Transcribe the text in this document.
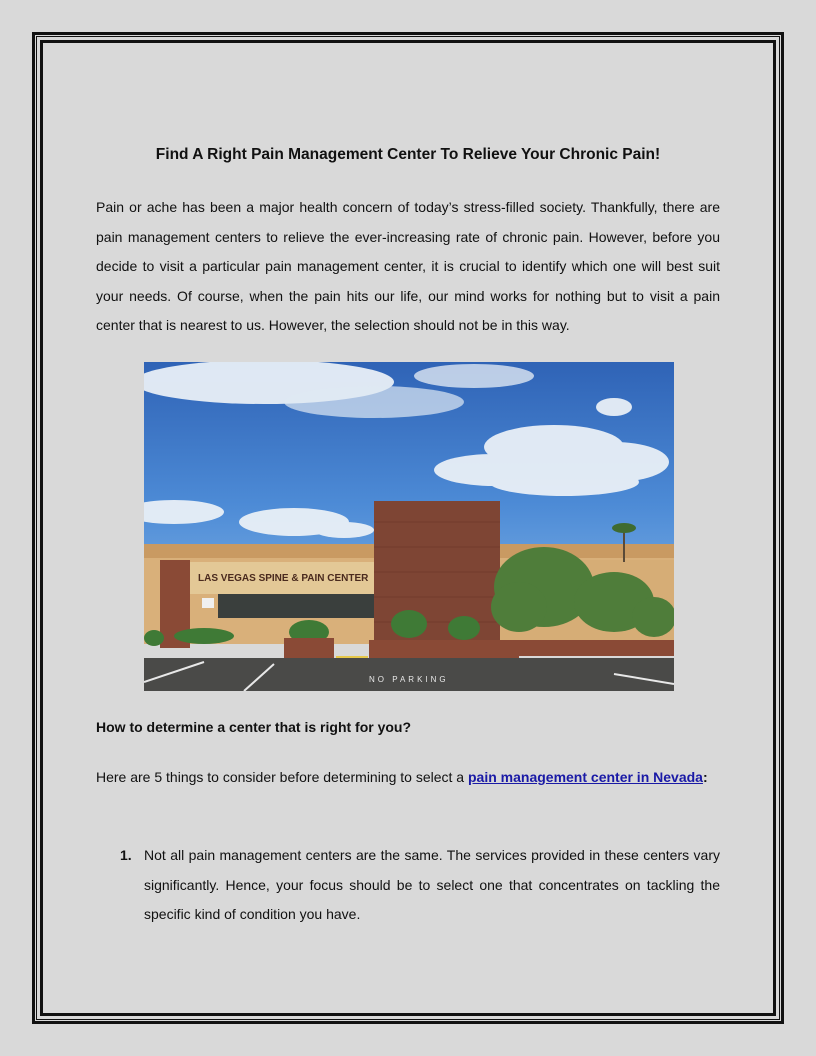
Find A Right Pain Management Center To Relieve Your Chronic Pain!

Pain or ache has been a major health concern of today’s stress-filled society. Thankfully, there are pain management centers to relieve the ever-increasing rate of chronic pain. However, before you decide to visit a particular pain management center, it is crucial to identify which one will best suit your needs. Of course, when the pain hits our life, our mind works for nothing but to visit a pain center that is nearest to us. However, the selection should not be in this way.

LAS VEGAS SPINE & PAIN CENTER
NO PARKING

How to determine a center that is right for you?

Here are 5 things to consider before determining to select a pain management center in Nevada:

1. Not all pain management centers are the same. The services provided in these centers vary significantly. Hence, your focus should be to select one that concentrates on tackling the specific kind of condition you have.
